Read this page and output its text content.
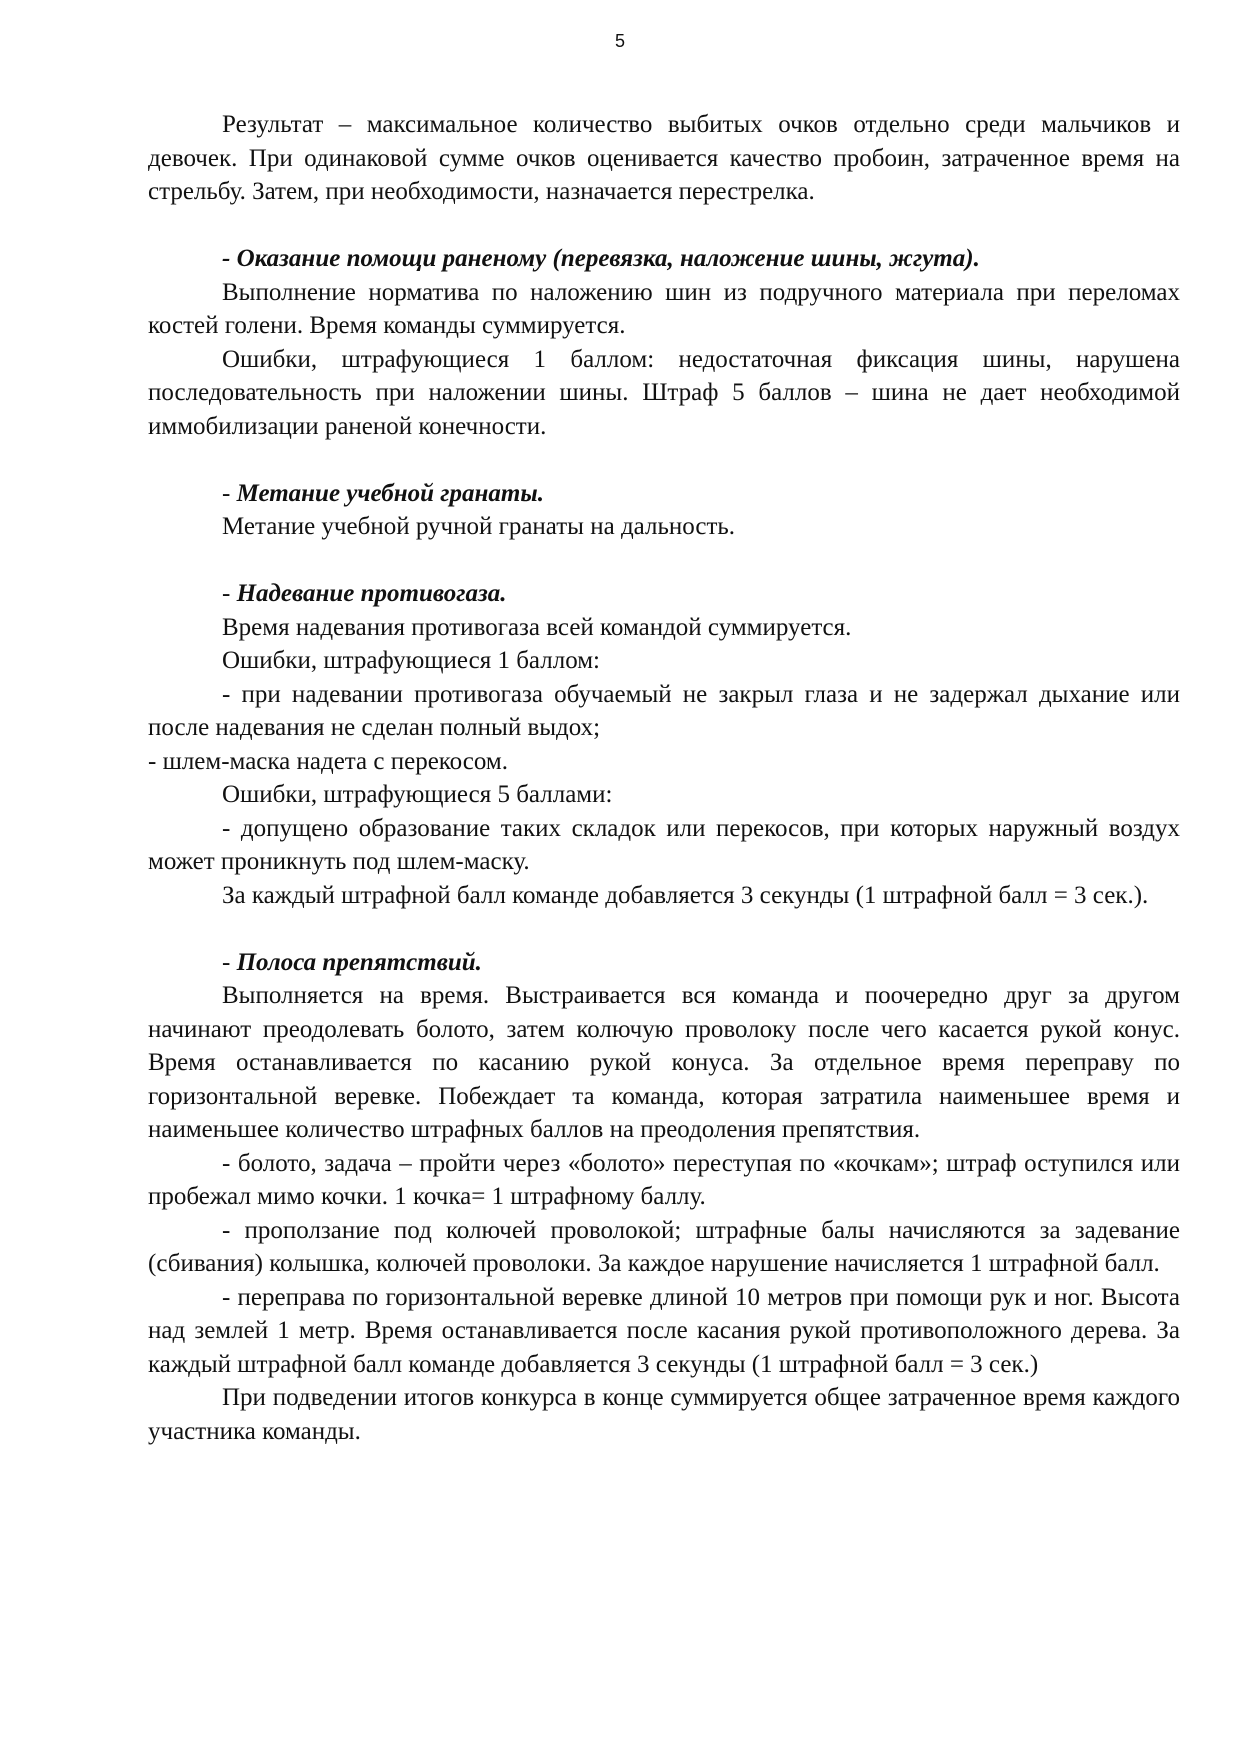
5

Результат – максимальное количество выбитых очков отдельно среди мальчиков и девочек. При одинаковой сумме очков оценивается качество пробоин, затраченное время на стрельбу. Затем, при необходимости, назначается перестрелка.

- Оказание помощи раненому (перевязка, наложение шины, жгута).

Выполнение норматива по наложению шин из подручного материала при переломах костей голени. Время команды суммируется.

Ошибки, штрафующиеся 1 баллом: недостаточная фиксация шины, нарушена последовательность при наложении шины. Штраф 5 баллов – шина не дает необходимой иммобилизации раненой конечности.

- Метание учебной гранаты.

Метание учебной ручной гранаты на дальность.

- Надевание противогаза.

Время надевания противогаза всей командой суммируется.

Ошибки, штрафующиеся 1 баллом:

- при надевании противогаза обучаемый не закрыл глаза и не задержал дыхание или после надевания не сделан полный выдох;

- шлем-маска надета с перекосом.

Ошибки, штрафующиеся 5 баллами:

- допущено образование таких складок или перекосов, при которых наружный воздух может проникнуть под шлем-маску.

За каждый штрафной балл команде добавляется 3 секунды (1 штрафной балл = 3 сек.).

- Полоса препятствий.

Выполняется на время. Выстраивается вся команда и поочередно друг за другом начинают преодолевать болото, затем колючую проволоку после чего касается рукой конус. Время останавливается по касанию рукой конуса. За отдельное время переправу по горизонтальной веревке. Побеждает та команда, которая затратила наименьшее время и наименьшее количество штрафных баллов на преодоления препятствия.

- болото, задача – пройти через «болото» переступая по «кочкам»; штраф оступился или пробежал мимо кочки. 1 кочка= 1 штрафному баллу.

- проползание под колючей проволокой; штрафные балы начисляются за задевание (сбивания) колышка, колючей проволоки. За каждое нарушение начисляется 1 штрафной балл.

- переправа по горизонтальной веревке длиной 10 метров при помощи рук и ног. Высота над землей 1 метр. Время останавливается после касания рукой противоположного дерева. За каждый штрафной балл команде добавляется 3 секунды (1 штрафной балл = 3 сек.)

При подведении итогов конкурса в конце суммируется общее затраченное время каждого участника команды.
